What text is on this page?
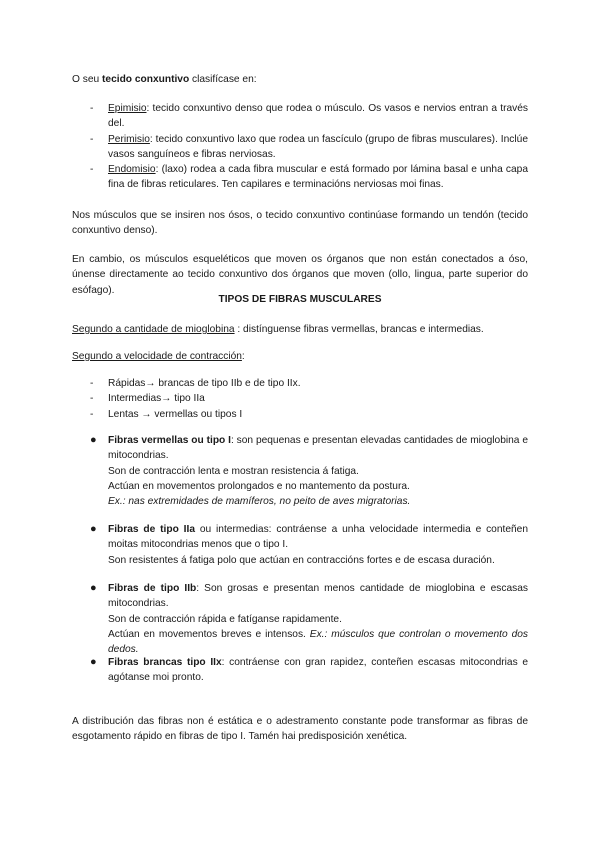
O seu tecido conxuntivo clasifícase en:

- Epimisio: tecido conxuntivo denso que rodea o músculo. Os vasos e nervios entran a través del.
- Perimisio: tecido conxuntivo laxo que rodea un fascículo (grupo de fibras musculares). Inclúe vasos sanguíneos e fibras nerviosas.
- Endomisio: (laxo) rodea a cada fibra muscular e está formado por lámina basal e unha capa fina de fibras reticulares. Ten capilares e terminacións nerviosas moi finas.

Nos músculos que se insiren nos ósos, o tecido conxuntivo continúase formando un tendón (tecido conxuntivo denso).

En cambio, os músculos esqueléticos que moven os órganos que non están conectados a óso, únense directamente ao tecido conxuntivo dos órganos que moven (ollo, lingua, parte superior do esófago).

TIPOS DE FIBRAS MUSCULARES

Segundo a cantidade de mioglobina : distínguense fibras vermellas, brancas e intermedias.

Segundo a velocidade de contracción:

- Rápidas→ brancas de tipo IIb e de tipo IIx.
- Intermedias→ tipo IIa
- Lentas → vermellas ou tipos I
● Fibras vermellas ou tipo I: son pequenas e presentan elevadas cantidades de mioglobina e mitocondrias.
Son de contracción lenta e mostran resistencia á fatiga.
Actúan en movementos prolongados e no mantemento da postura.
Ex.: nas extremidades de mamíferos, no peito de aves migratorias.
● Fibras de tipo IIa ou intermedias: contráense a unha velocidade intermedia e conteñen moitas mitocondrias menos que o tipo I.
Son resistentes á fatiga polo que actúan en contraccións fortes e de escasa duración.
● Fibras de tipo IIb: Son grosas e presentan menos cantidade de mioglobina e escasas mitocondrias.
Son de contracción rápida e fatíganse rapidamente.
Actúan en movementos breves e intensos. Ex.: músculos que controlan o movemento dos dedos.
● Fibras brancas tipo IIx: contráense con gran rapidez, conteñen escasas mitocondrias e agótanse moi pronto.

A distribución das fibras non é estática e o adestramento constante pode transformar as fibras de esgotamento rápido en fibras de tipo I. Tamén hai predisposición xenética.
